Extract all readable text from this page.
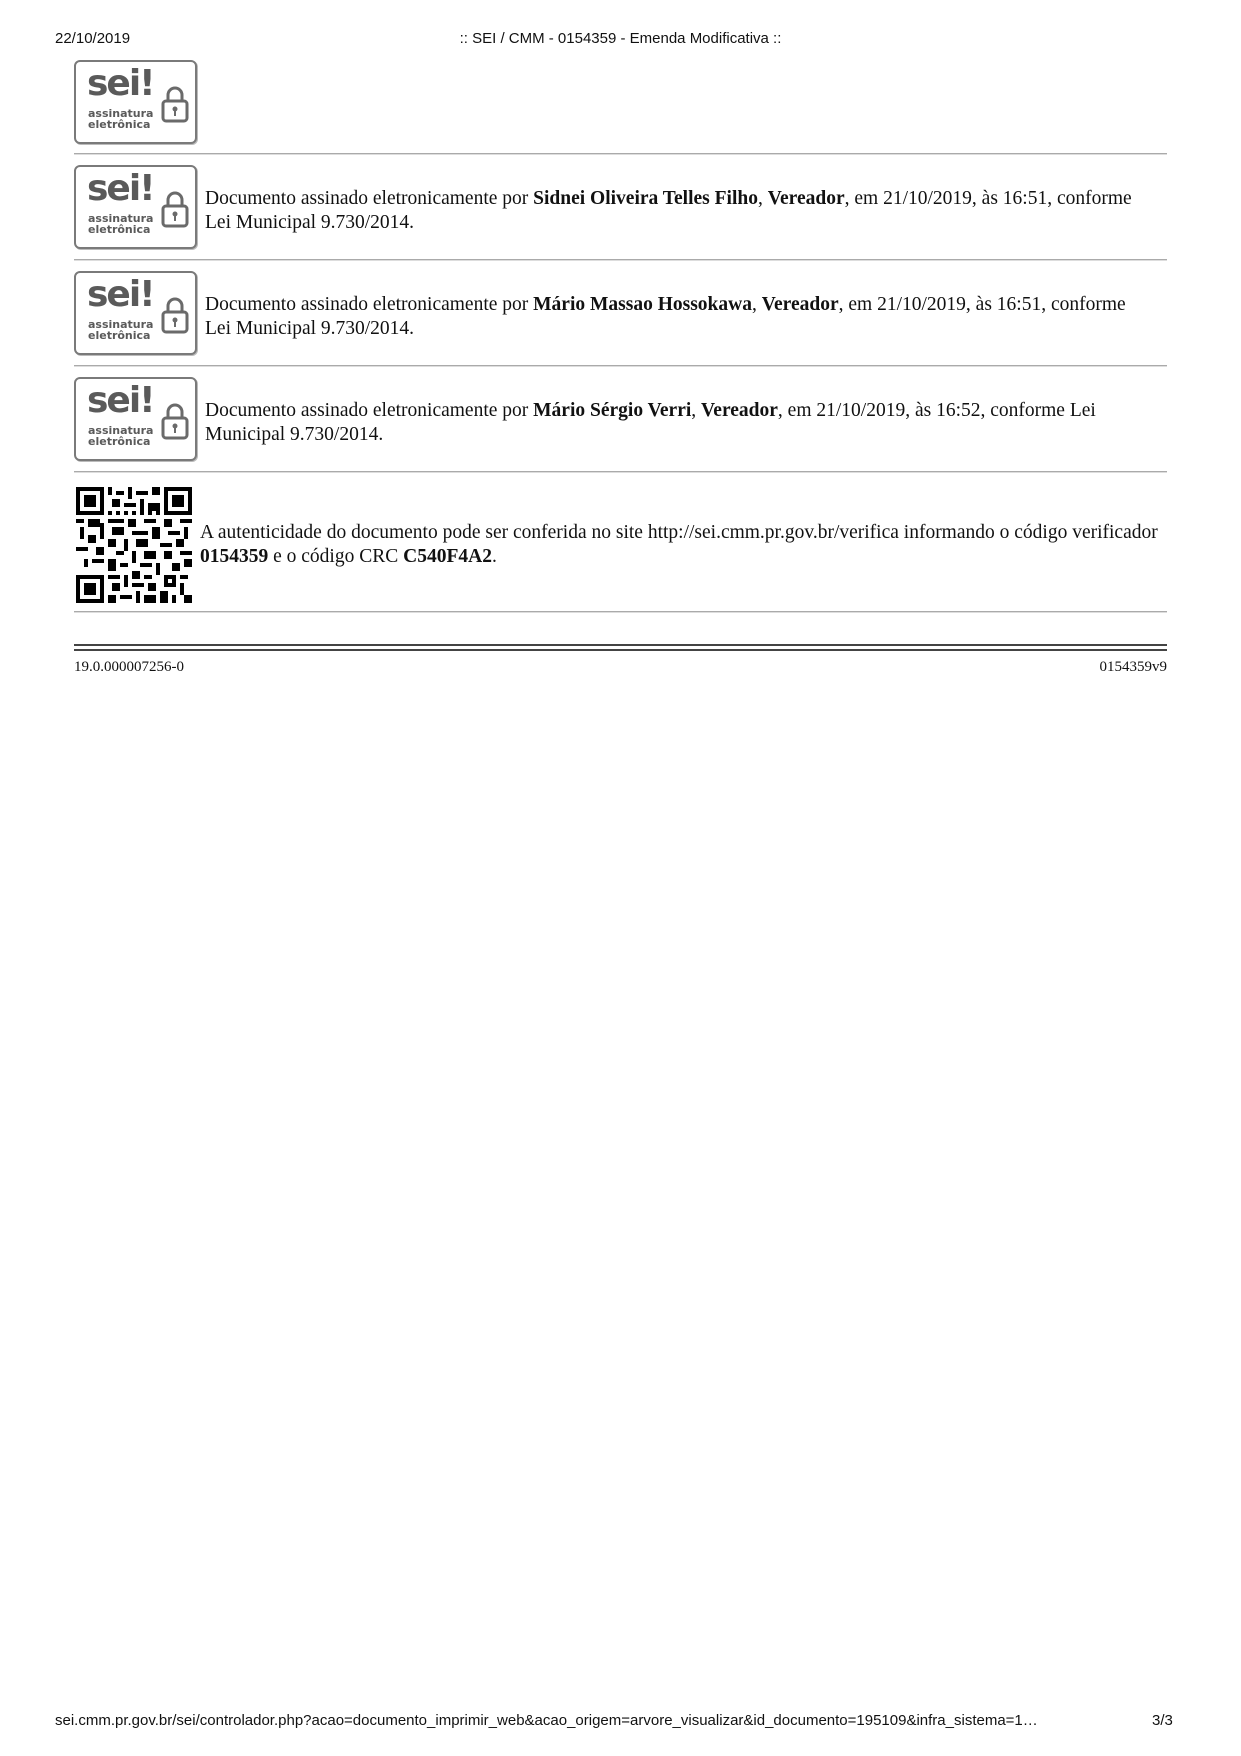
22/10/2019	:: SEI / CMM - 0154359 - Emenda Modificativa ::
sei!
assinatura
eletrônica
sei!
assinatura
eletrônica
Documento assinado eletronicamente por Sidnei Oliveira Telles Filho, Vereador, em 21/10/2019, às 16:51, conforme Lei Municipal 9.730/2014.
sei!
assinatura
eletrônica
Documento assinado eletronicamente por Mário Massao Hossokawa, Vereador, em 21/10/2019, às 16:51, conforme Lei Municipal 9.730/2014.
sei!
assinatura
eletrônica
Documento assinado eletronicamente por Mário Sérgio Verri, Vereador, em 21/10/2019, às 16:52, conforme Lei Municipal 9.730/2014.
A autenticidade do documento pode ser conferida no site http://sei.cmm.pr.gov.br/verifica informando o código verificador 0154359 e o código CRC C540F4A2.
19.0.000007256-0	0154359v9
sei.cmm.pr.gov.br/sei/controlador.php?acao=documento_imprimir_web&acao_origem=arvore_visualizar&id_documento=195109&infra_sistema=1…	3/3
